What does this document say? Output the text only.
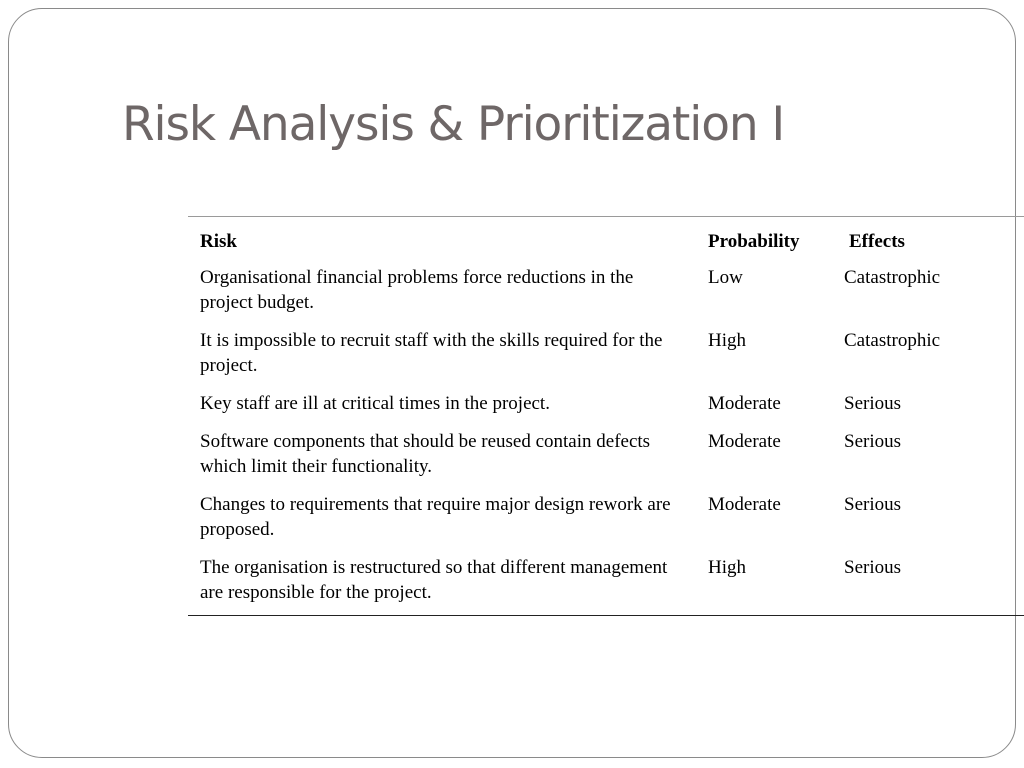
Risk Analysis & Prioritization I
Risk	Probability	Effects
Organisational financial problems force reductions in the project budget.	Low	Catastrophic
It is impossible to recruit staff with the skills required for the project.	High	Catastrophic
Key staff are ill at critical times in the project.	Moderate	Serious
Software components that should be reused contain defects which limit their functionality.	Moderate	Serious
Changes to requirements that require major design rework are proposed.	Moderate	Serious
The organisation is restructured so that different management are responsible for the project.	High	Serious
